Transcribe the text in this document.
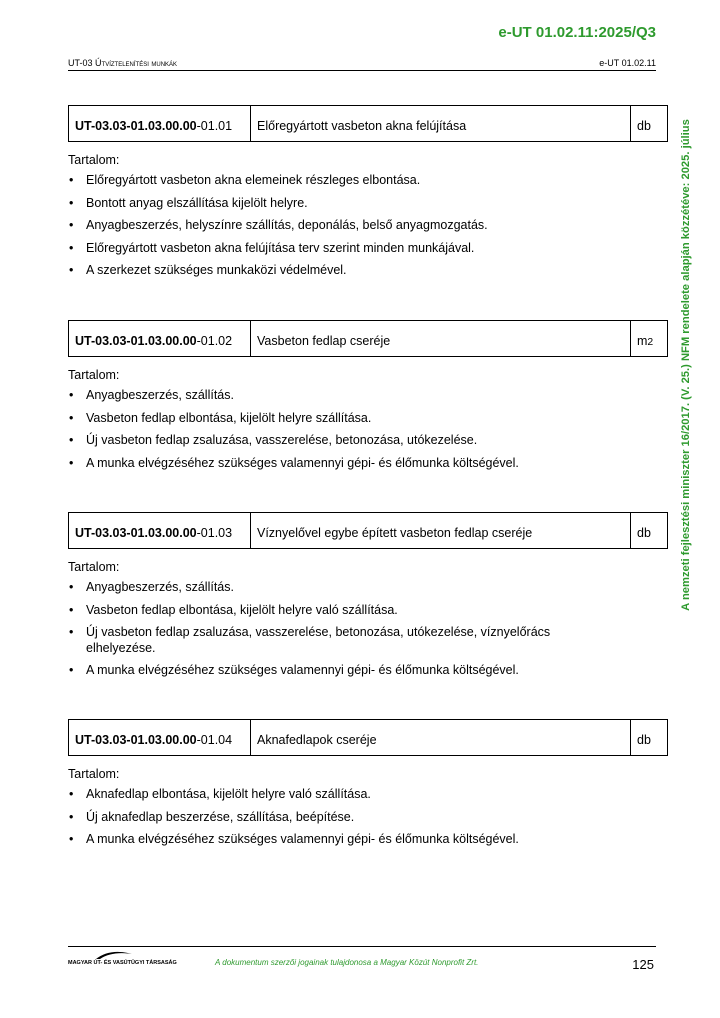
e-UT 01.02.11:2025/Q3
UT-03 Útvíztelenítési munkák	e-UT 01.02.11
A nemzeti fejlesztési miniszter 16/2017. (V. 25.) NFM rendelete alapján közzétéve: 2025. július
UT-03.03-01.03.00.00 -01.01	Előregyártott vasbeton akna felújítása	db
Tartalom:
• Előregyártott vasbeton akna elemeinek részleges elbontása.
• Bontott anyag elszállítása kijelölt helyre.
• Anyagbeszerzés, helyszínre szállítás, deponálás, belső anyagmozgatás.
• Előregyártott vasbeton akna felújítása terv szerint minden munkájával.
• A szerkezet szükséges munkaközi védelmével.
UT-03.03-01.03.00.00 -01.02	Vasbeton fedlap cseréje	m 2
Tartalom:
• Anyagbeszerzés, szállítás.
• Vasbeton fedlap elbontása, kijelölt helyre szállítása.
• Új vasbeton fedlap zsaluzása, vasszerelése, betonozása, utókezelése.
• A munka elvégzéséhez szükséges valamennyi gépi- és élőmunka költségével.
UT-03.03-01.03.00.00 -01.03	Víznyelővel egybe épített vasbeton fedlap cseréje	db
Tartalom:
• Anyagbeszerzés, szállítás.
• Vasbeton fedlap elbontása, kijelölt helyre való szállítása.
• Új vasbeton fedlap zsaluzása, vasszerelése, betonozása, utókezelése, víznyelőrács elhelyezése.
• A munka elvégzéséhez szükséges valamennyi gépi- és élőmunka költségével.
UT-03.03-01.03.00.00 -01.04	Aknafedlapok cseréje	db
Tartalom:
• Aknafedlap elbontása, kijelölt helyre való szállítása.
• Új aknafedlap beszerzése, szállítása, beépítése.
• A munka elvégzéséhez szükséges valamennyi gépi- és élőmunka költségével.
MAGYAR ÚT- ÉS VASÚTÜGYI TÁRSASÁG	A dokumentum szerzői jogainak tulajdonosa a Magyar Közút Nonprofit Zrt.	125
